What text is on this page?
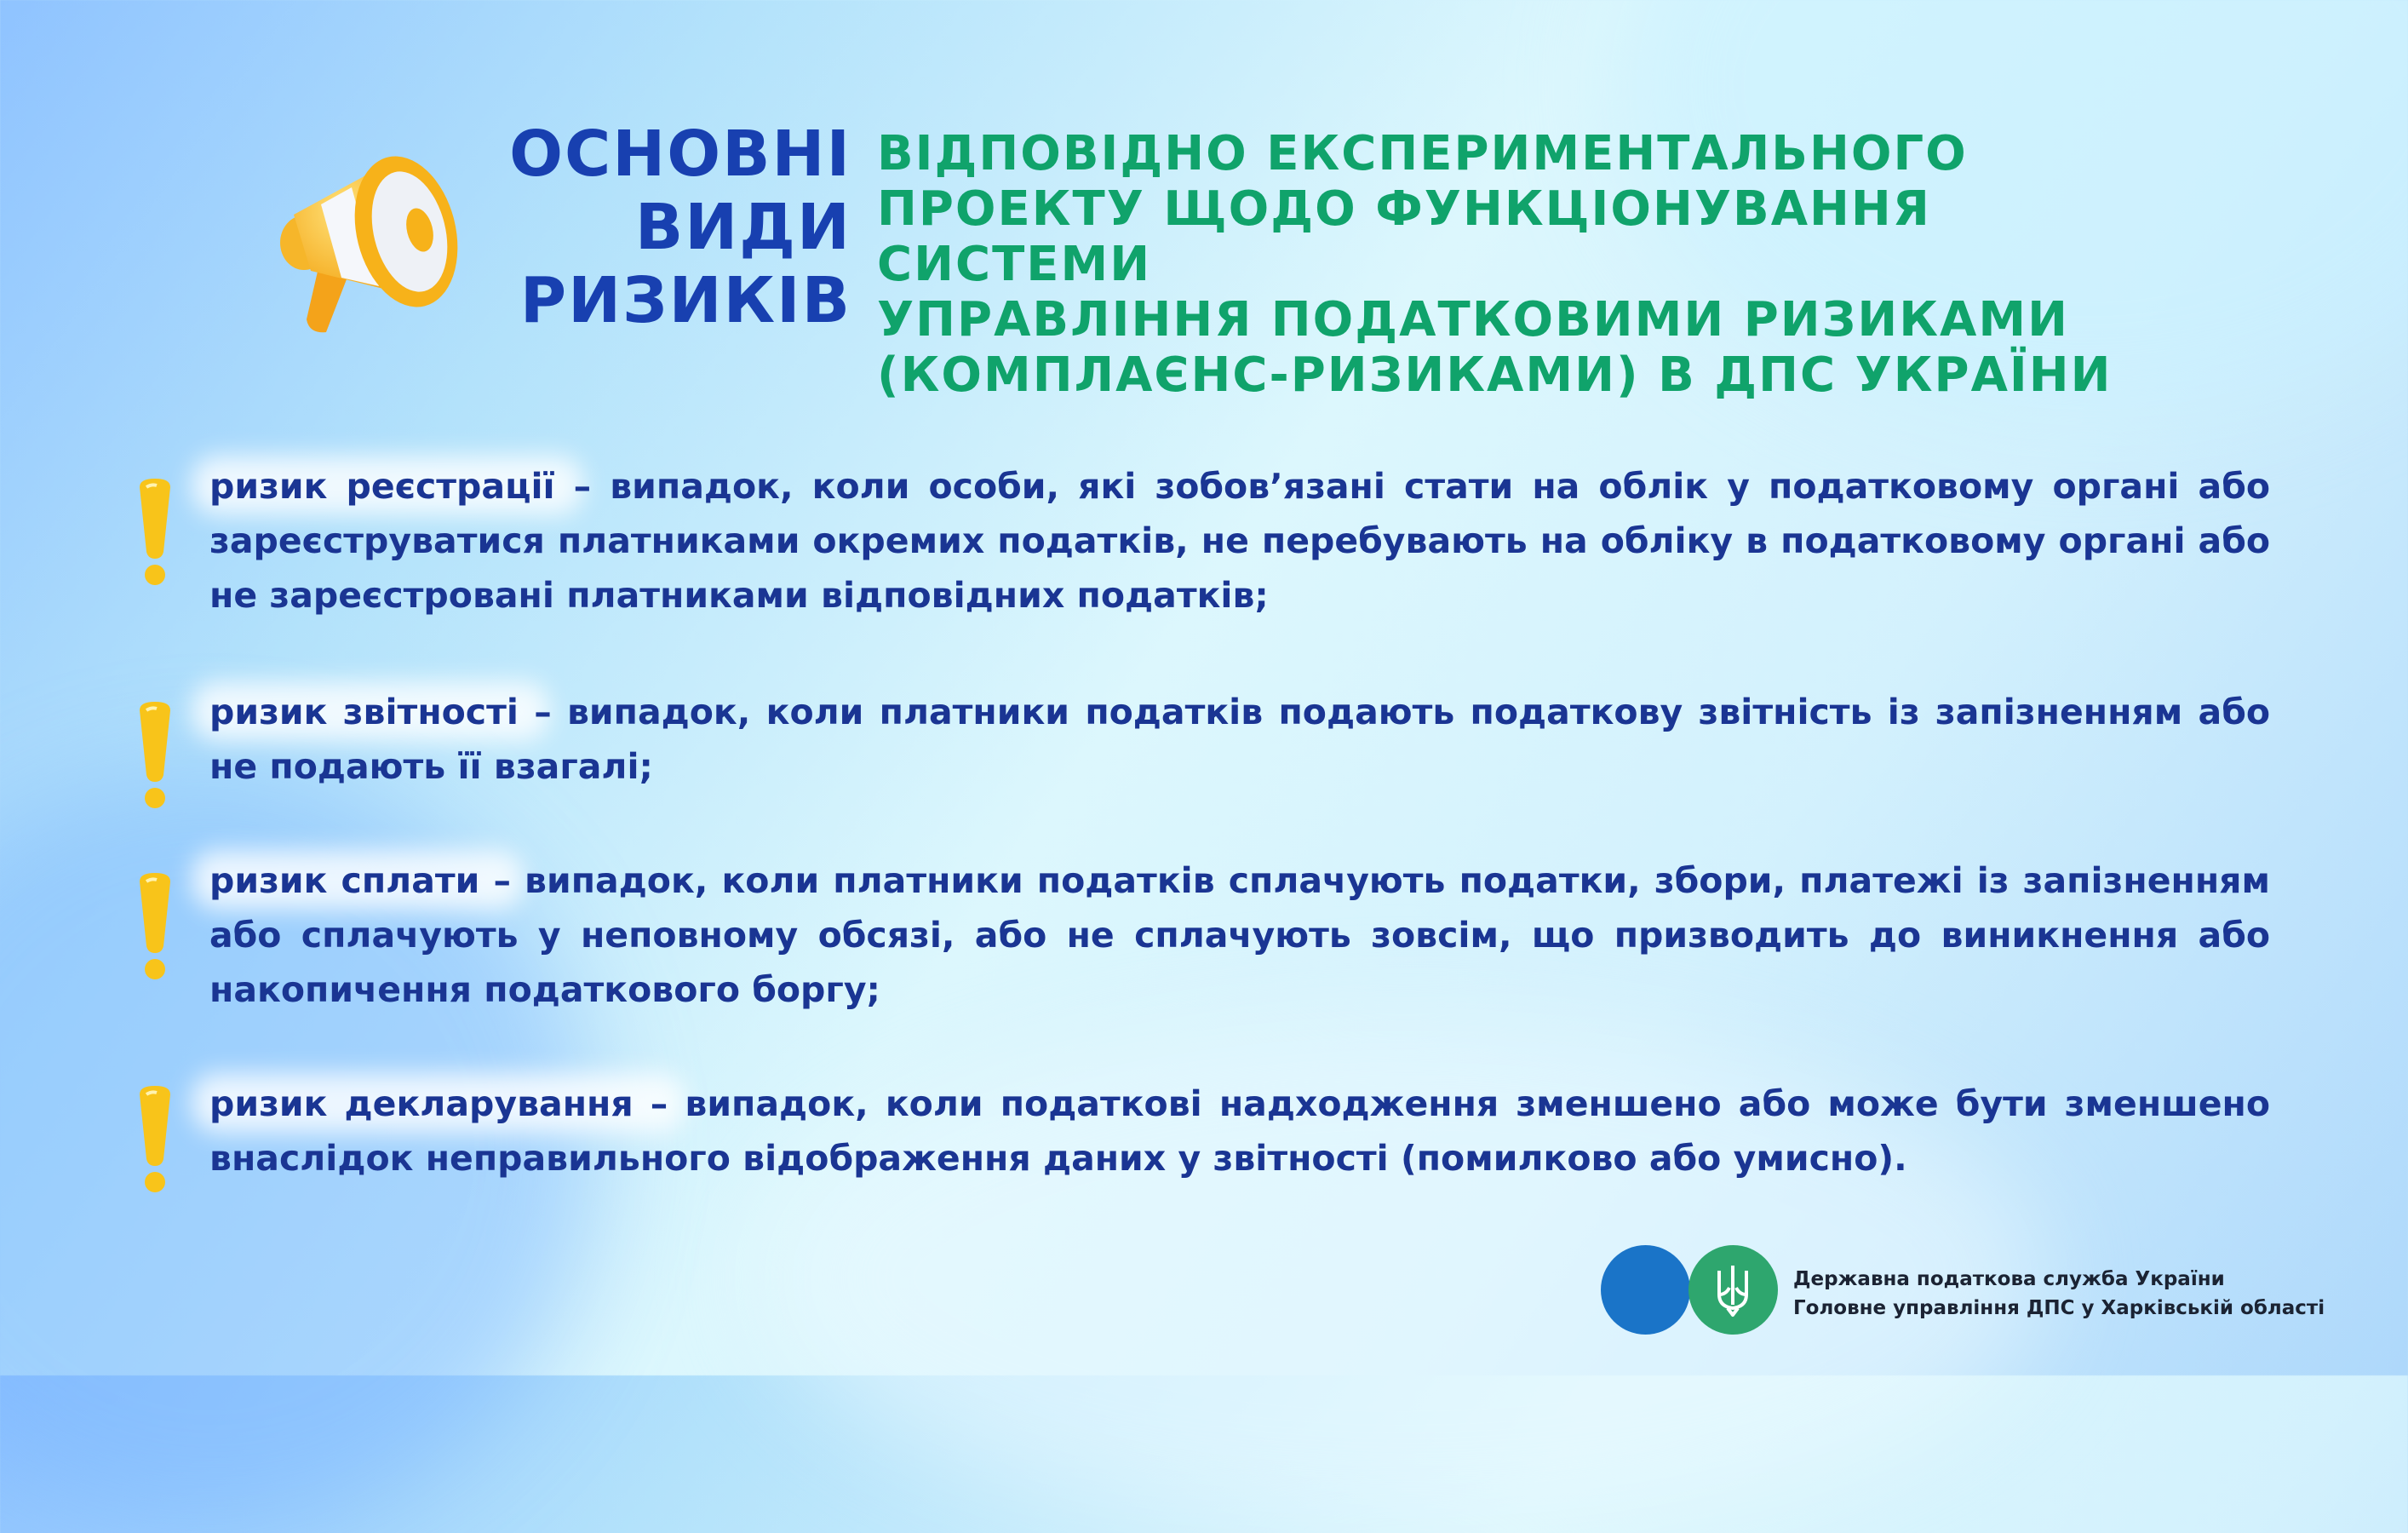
ОСНОВНІ
ВИДИ
РИЗИКІВ
ВІДПОВІДНО ЕКСПЕРИМЕНТАЛЬНОГО
ПРОЕКТУ ЩОДО ФУНКЦІОНУВАННЯ СИСТЕМИ
УПРАВЛІННЯ ПОДАТКОВИМИ РИЗИКАМИ
(КОМПЛАЄНС-РИЗИКАМИ) В ДПС УКРАЇНИ
ризик реєстрації – випадок, коли особи, які зобов’язані стати на облік у податковому органі або зареєструватися платниками окремих податків, не перебувають на обліку в податковому органі або не зареєстровані платниками відповідних податків;
ризик звітності – випадок, коли платники податків подають податкову звітність із запізненням або не подають її взагалі;
ризик сплати – випадок, коли платники податків сплачують податки, збори, платежі із запізненням або сплачують у неповному обсязі, або не сплачують зовсім, що призводить до виникнення або накопичення податкового боргу;
ризик декларування – випадок, коли податкові надходження зменшено або може бути зменшено внаслідок неправильного відображення даних у звітності (помилково або умисно).
Державна податкова служба України
Головне управління ДПС у Харківській області
